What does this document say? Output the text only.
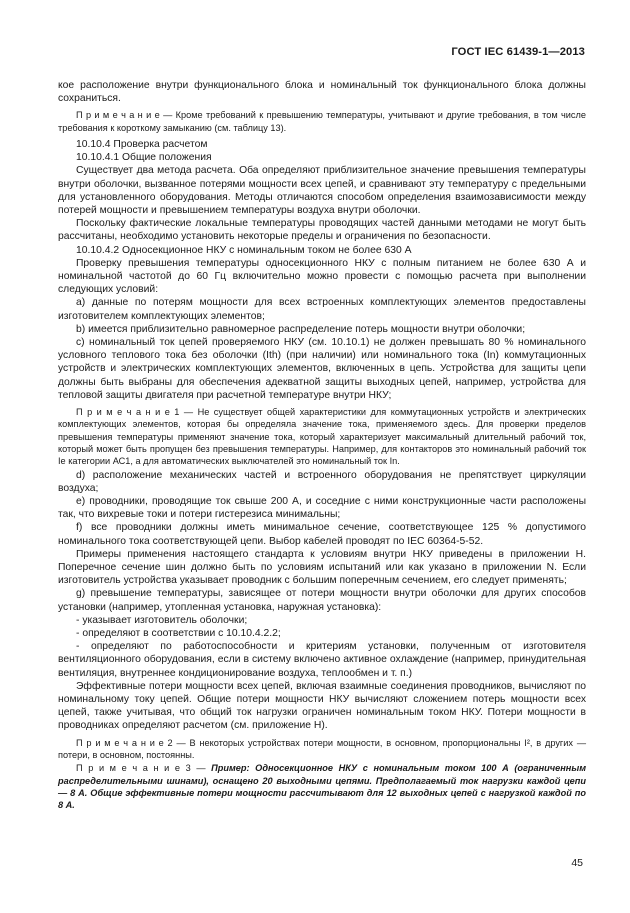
ГОСТ IEC 61439-1—2013

кое расположение внутри функционального блока и номинальный ток функционального блока должны сохраниться.

П р и м е ч а н и е — Кроме требований к превышению температуры, учитывают и другие требования, в том числе требования к короткому замыканию (см. таблицу 13).

10.10.4 Проверка расчетом

10.10.4.1 Общие положения

Существует два метода расчета. Оба определяют приблизительное значение превышения температуры внутри оболочки, вызванное потерями мощности всех цепей, и сравнивают эту температуру с предельными для установленного оборудования. Методы отличаются способом определения взаимозависимости между потерей мощности и превышением температуры воздуха внутри оболочки.

Поскольку фактические локальные температуры проводящих частей данными методами не могут быть рассчитаны, необходимо установить некоторые пределы и ограничения по безопасности.

10.10.4.2 Односекционное НКУ с номинальным током не более 630 А

Проверку превышения температуры односекционного НКУ с полным питанием не более 630 А и номинальной частотой до 60 Гц включительно можно провести с помощью расчета при выполнении следующих условий:

a) данные по потерям мощности для всех встроенных комплектующих элементов предоставлены изготовителем комплектующих элементов;

b) имеется приблизительно равномерное распределение потерь мощности внутри оболочки;

c) номинальный ток цепей проверяемого НКУ (см. 10.10.1) не должен превышать 80 % номинального условного теплового тока без оболочки (Ith) (при наличии) или номинального тока (In) коммутационных устройств и электрических комплектующих элементов, включенных в цепь. Устройства для защиты цепи должны быть выбраны для обеспечения адекватной защиты выходных цепей, например, устройства для тепловой защиты двигателя при расчетной температуре внутри НКУ;

П р и м е ч а н и е 1 — Не существует общей характеристики для коммутационных устройств и электрических комплектующих элементов, которая бы определяла значение тока, применяемого здесь. Для проверки пределов превышения температуры применяют значение тока, который характеризует максимальный длительный рабочий ток, который может быть пропущен без превышения температуры. Например, для контакторов это номинальный рабочий ток Ie категории АС1, а для автоматических выключателей это номинальный ток In.

d) расположение механических частей и встроенного оборудования не препятствует циркуляции воздуха;

e) проводники, проводящие ток свыше 200 А, и соседние с ними конструкционные части расположены так, что вихревые токи и потери гистерезиса минимальны;

f) все проводники должны иметь минимальное сечение, соответствующее 125 % допустимого номинального тока соответствующей цепи. Выбор кабелей проводят по IEC 60364-5-52.

Примеры применения настоящего стандарта к условиям внутри НКУ приведены в приложении Н. Поперечное сечение шин должно быть по условиям испытаний или как указано в приложении N. Если изготовитель устройства указывает проводник с большим поперечным сечением, его следует применять;

g) превышение температуры, зависящее от потери мощности внутри оболочки для других способов установки (например, утопленная установка, наружная установка):

- указывает изготовитель оболочки;

- определяют в соответствии с 10.10.4.2.2;

- определяют по работоспособности и критериям установки, полученным от изготовителя вентиляционного оборудования, если в систему включено активное охлаждение (например, принудительная вентиляция, внутреннее кондиционирование воздуха, теплообмен и т. п.)

Эффективные потери мощности всех цепей, включая взаимные соединения проводников, вычисляют по номинальному току цепей. Общие потери мощности НКУ вычисляют сложением потерь мощности всех цепей, также учитывая, что общий ток нагрузки ограничен номинальным током НКУ. Потери мощности в проводниках определяют расчетом (см. приложение Н).

П р и м е ч а н и е 2 — В некоторых устройствах потери мощности, в основном, пропорциональны I², в других — потери, в основном, постоянны.

П р и м е ч а н и е 3 — Пример: Односекционное НКУ с номинальным током 100 А (ограниченным распределительными шинами), оснащено 20 выходными цепями. Предполагаемый ток нагрузки каждой цепи — 8 А. Общие эффективные потери мощности рассчитывают для 12 выходных цепей с нагрузкой каждой по 8 А.

45
